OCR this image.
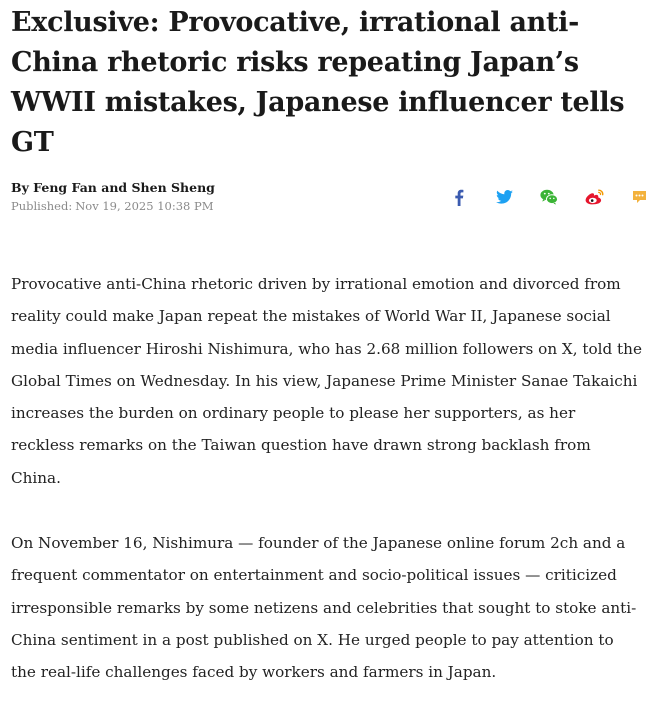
Exclusive: Provocative, irrational anti-China rhetoric risks repeating Japan’s WWII mistakes, Japanese influencer tells GT

By Feng Fan and Shen Sheng

Published: Nov 19, 2025 10:38 PM

Provocative anti-China rhetoric driven by irrational emotion and divorced from reality could make Japan repeat the mistakes of World War II, Japanese social media influencer Hiroshi Nishimura, who has 2.68 million followers on X, told the Global Times on Wednesday. In his view, Japanese Prime Minister Sanae Takaichi increases the burden on ordinary people to please her supporters, as her reckless remarks on the Taiwan question have drawn strong backlash from China.

On November 16, Nishimura — founder of the Japanese online forum 2ch and a frequent commentator on entertainment and socio-political issues — criticized irresponsible remarks by some netizens and celebrities that sought to stoke anti-China sentiment in a post published on X. He urged people to pay attention to the real-life challenges faced by workers and farmers in Japan.
